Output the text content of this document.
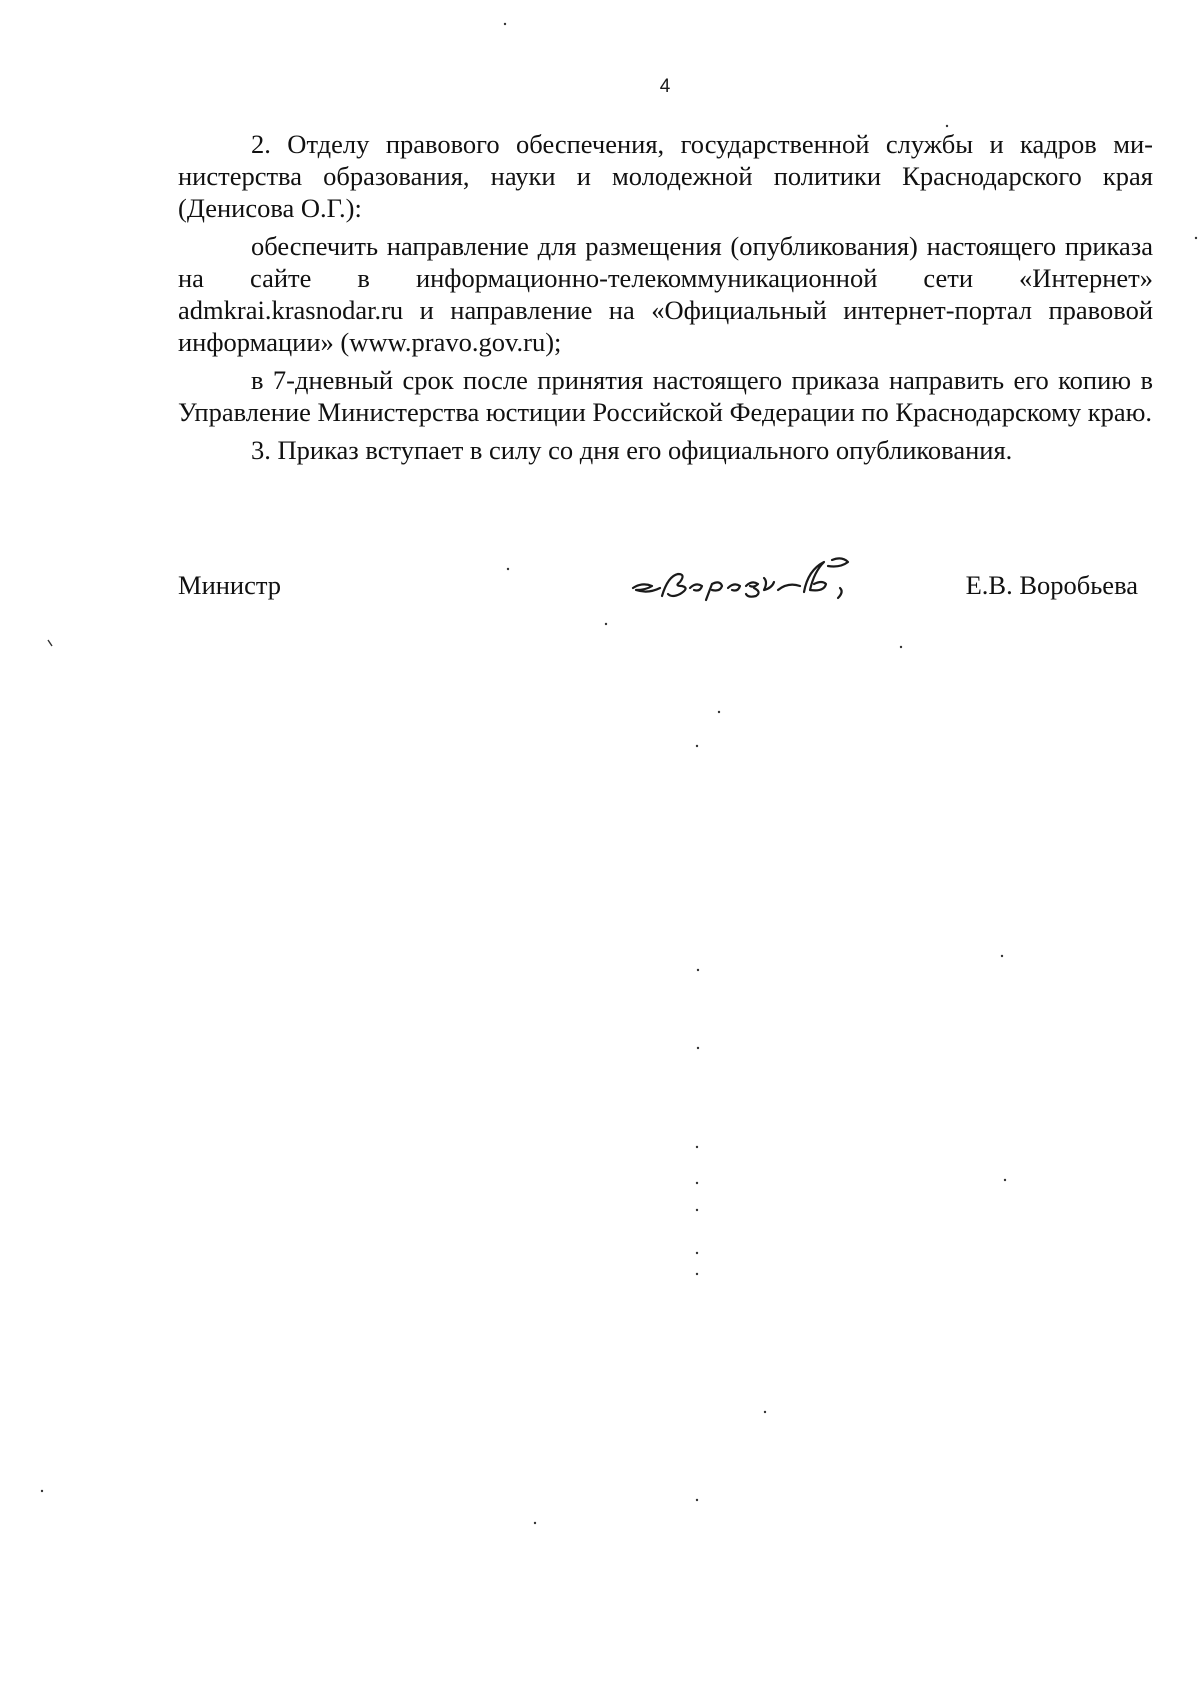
4

2. Отделу правового обеспечения, государственной службы и кадров министерства образования, науки и молодежной политики Краснодарского края (Денисова О.Г.):

обеспечить направление для размещения (опубликования) настоящего приказа на сайте в информационно-телекоммуникационной сети «Интернет» admkrai.krasnodar.ru и направление на «Официальный интернет-портал правовой информации» (www.pravo.gov.ru);

в 7-дневный срок после принятия настоящего приказа направить его копию в Управление Министерства юстиции Российской Федерации по Краснодарскому краю.

3. Приказ вступает в силу со дня его официального опубликования.

Министр	Е.В. Воробьева
